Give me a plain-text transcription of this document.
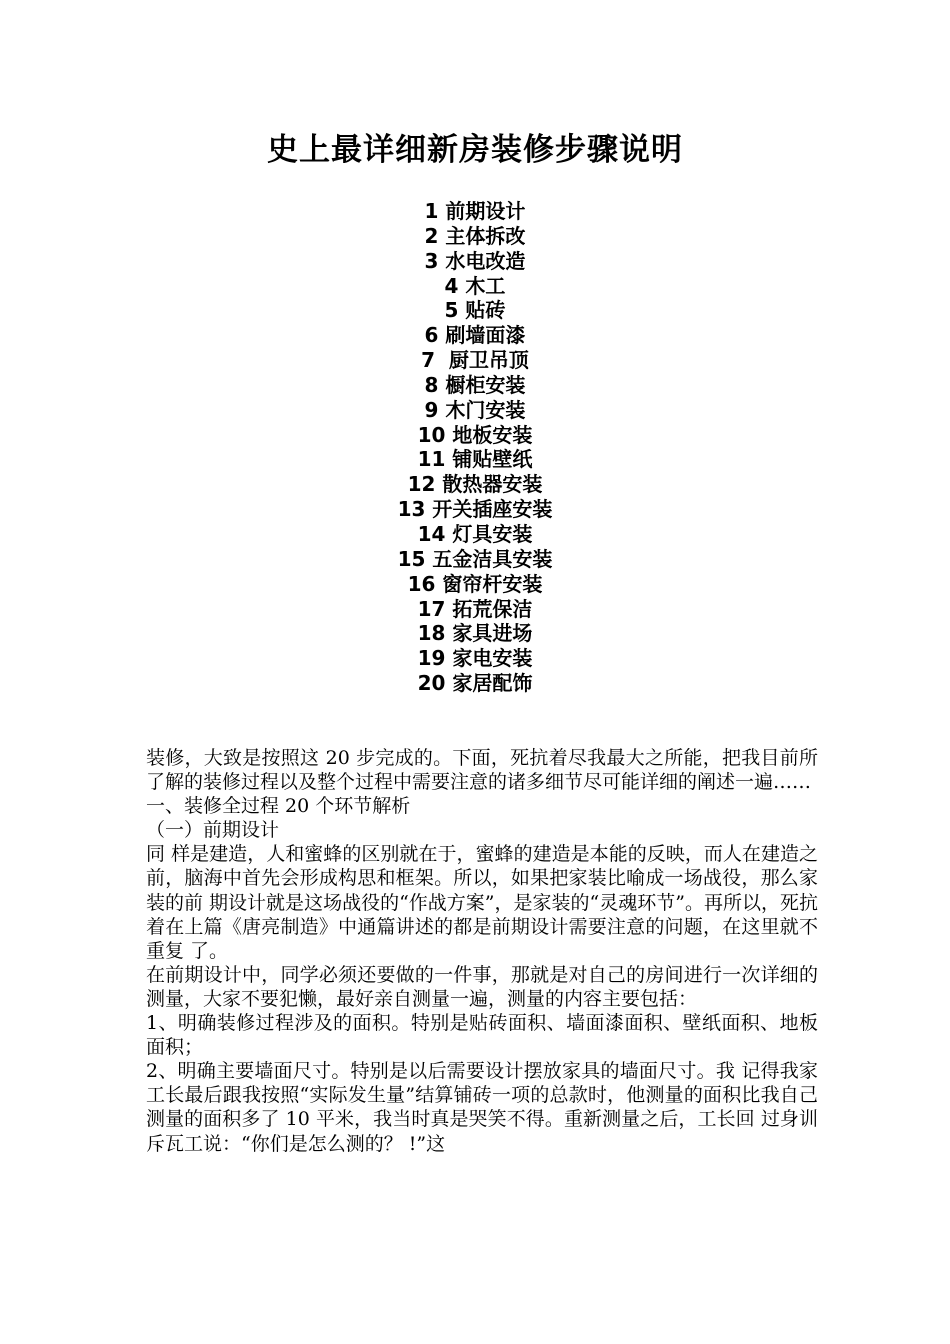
史上最详细新房装修步骤说明
1 前期设计
2 主体拆改
3 水电改造
4 木工
5 贴砖
6 刷墙面漆
7  厨卫吊顶
8 橱柜安装
9 木门安装
10 地板安装
11 铺贴壁纸
12 散热器安装
13 开关插座安装
14 灯具安装
15 五金洁具安装
16 窗帘杆安装
17 拓荒保洁
18 家具进场
19 家电安装
20 家居配饰

装修，大致是按照这 20 步完成的。下面，死抗着尽我最大之所能，把我目前所了解的装修过程以及整个过程中需要注意的诸多细节尽可能详细的阐述一遍……

一、装修全过程 20 个环节解析

（一）前期设计

同 样是建造，人和蜜蜂的区别就在于，蜜蜂的建造是本能的反映，而人在建造之前，脑海中首先会形成构思和框架。所以，如果把家装比喻成一场战役，那么家装的前 期设计就是这场战役的“作战方案”，是家装的“灵魂环节”。再所以，死抗着在上篇《唐亮制造》中通篇讲述的都是前期设计需要注意的问题，在这里就不重复 了。

在前期设计中，同学必须还要做的一件事，那就是对自己的房间进行一次详细的测量，大家不要犯懒，最好亲自测量一遍，测量的内容主要包括：

1、明确装修过程涉及的面积。特别是贴砖面积、墙面漆面积、壁纸面积、地板面积；

2、明确主要墙面尺寸。特别是以后需要设计摆放家具的墙面尺寸。我 记得我家工长最后跟我按照“实际发生量”结算铺砖一项的总款时，他测量的面积比我自己测量的面积多了 10 平米，我当时真是哭笑不得。重新测量之后，工长回 过身训斥瓦工说：“你们是怎么测的？ !”这
